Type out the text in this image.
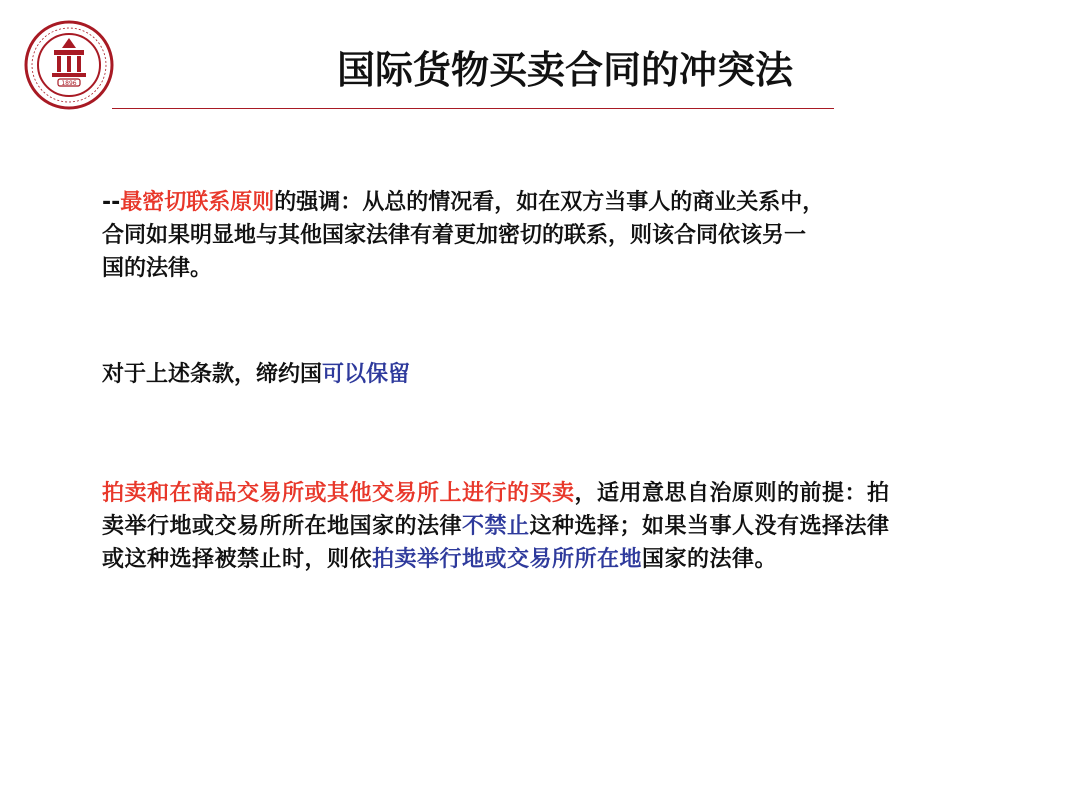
1896	国际货物买卖合同的冲突法

--最密切联系原则的强调：从总的情况看，如在双方当事人的商业关系中，
合同如果明显地与其他国家法律有着更加密切的联系，则该合同依该另一
国的法律。

对于上述条款，缔约国可以保留

拍卖和在商品交易所或其他交易所上进行的买卖，适用意思自治原则的前提：拍
卖举行地或交易所所在地国家的法律不禁止这种选择；如果当事人没有选择法律
或这种选择被禁止时，则依拍卖举行地或交易所所在地国家的法律。
